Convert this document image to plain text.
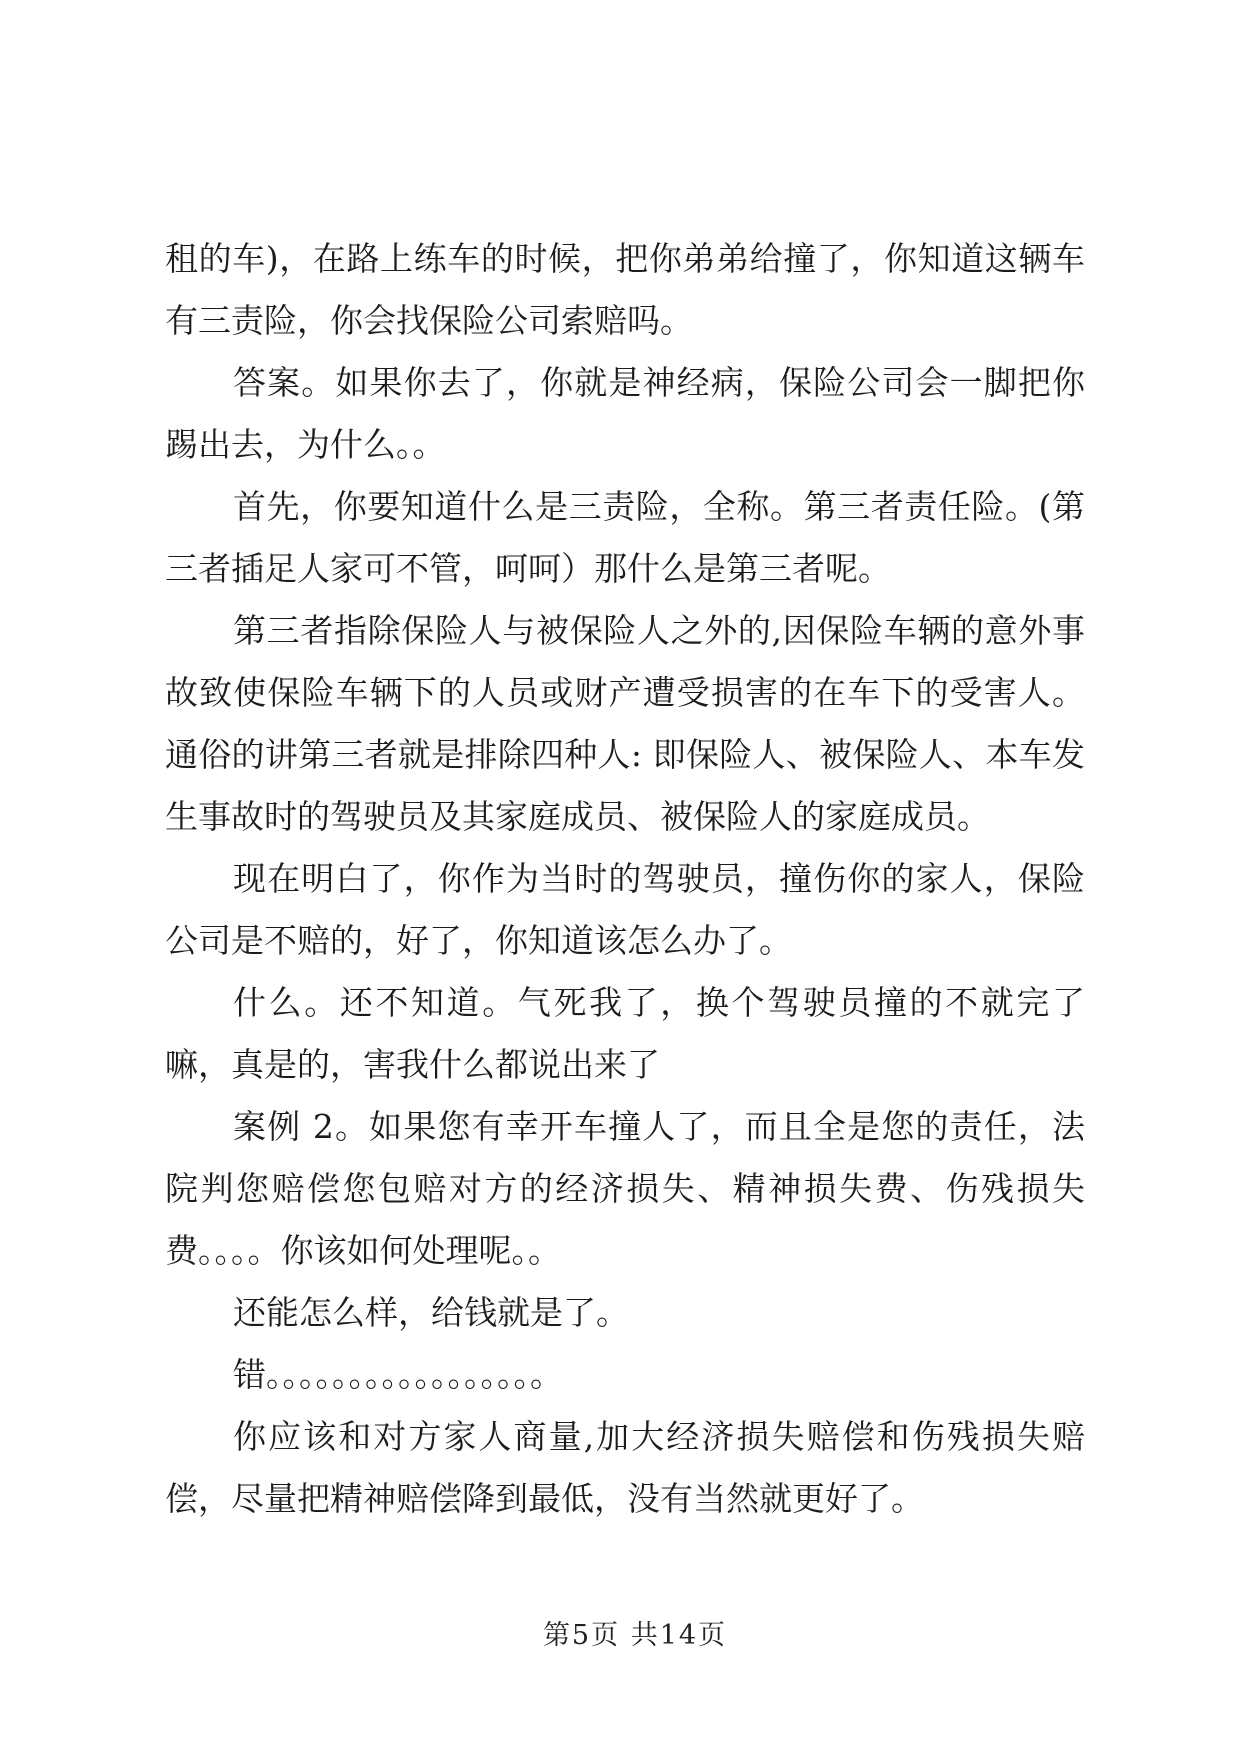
租的车)，在路上练车的时候，把你弟弟给撞了，你知道这辆车有三责险，你会找保险公司索赔吗。

答案。如果你去了，你就是神经病，保险公司会一脚把你踢出去，为什么。。

首先，你要知道什么是三责险，全称。第三者责任险。(第三者插足人家可不管，呵呵）那什么是第三者呢。

第三者指除保险人与被保险人之外的,因保险车辆的意外事故致使保险车辆下的人员或财产遭受损害的在车下的受害人。通俗的讲第三者就是排除四种人: 即保险人、被保险人、本车发生事故时的驾驶员及其家庭成员、被保险人的家庭成员。

现在明白了，你作为当时的驾驶员，撞伤你的家人，保险公司是不赔的，好了，你知道该怎么办了。

什么。还不知道。气死我了，换个驾驶员撞的不就完了嘛，真是的，害我什么都说出来了

案例 2。如果您有幸开车撞人了，而且全是您的责任，法院判您赔偿您包赔对方的经济损失、精神损失费、伤残损失费。。。。你该如何处理呢。。

还能怎么样，给钱就是了。

错。。。。。。。。。。。。。。。。。

你应该和对方家人商量,加大经济损失赔偿和伤残损失赔偿，尽量把精神赔偿降到最低，没有当然就更好了。

第5页 共14页
